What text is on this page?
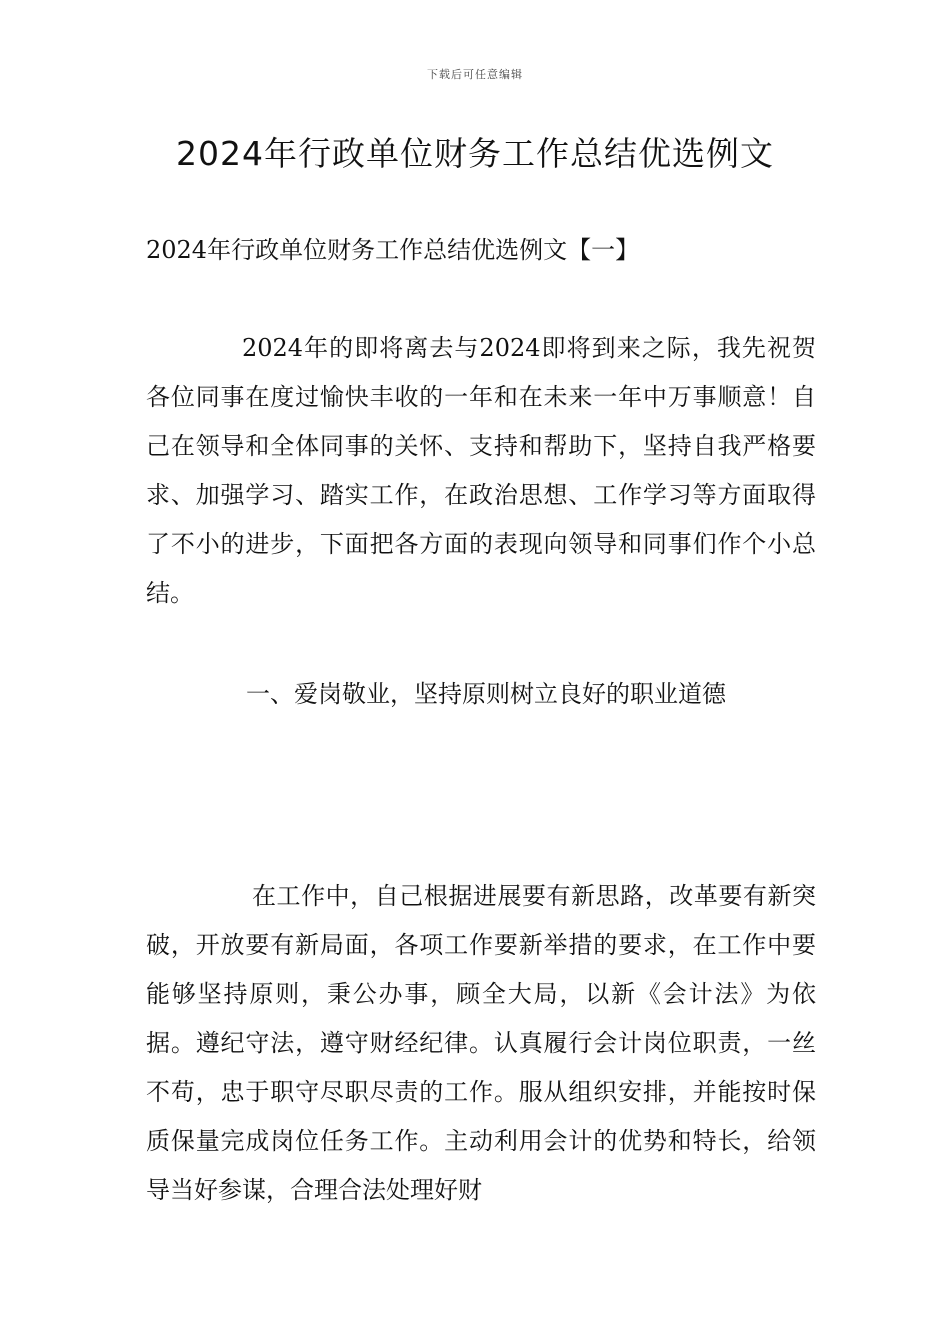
下载后可任意编辑
2024年行政单位财务工作总结优选例文
2024年行政单位财务工作总结优选例文【一】

2024年的即将离去与2024即将到来之际，我先祝贺各位同事在度过愉快丰收的一年和在未来一年中万事顺意！自己在领导和全体同事的关怀、支持和帮助下，坚持自我严格要求、加强学习、踏实工作，在政治思想、工作学习等方面取得了不小的进步，下面把各方面的表现向领导和同事们作个小总结。

一、爱岗敬业，坚持原则树立良好的职业道德

在工作中，自己根据进展要有新思路，改革要有新突破，开放要有新局面，各项工作要新举措的要求，在工作中要能够坚持原则，秉公办事，顾全大局，以新《会计法》为依据。遵纪守法，遵守财经纪律。认真履行会计岗位职责，一丝不苟，忠于职守尽职尽责的工作。服从组织安排，并能按时保质保量完成岗位任务工作。主动利用会计的优势和特长，给领导当好参谋，合理合法处理好财
